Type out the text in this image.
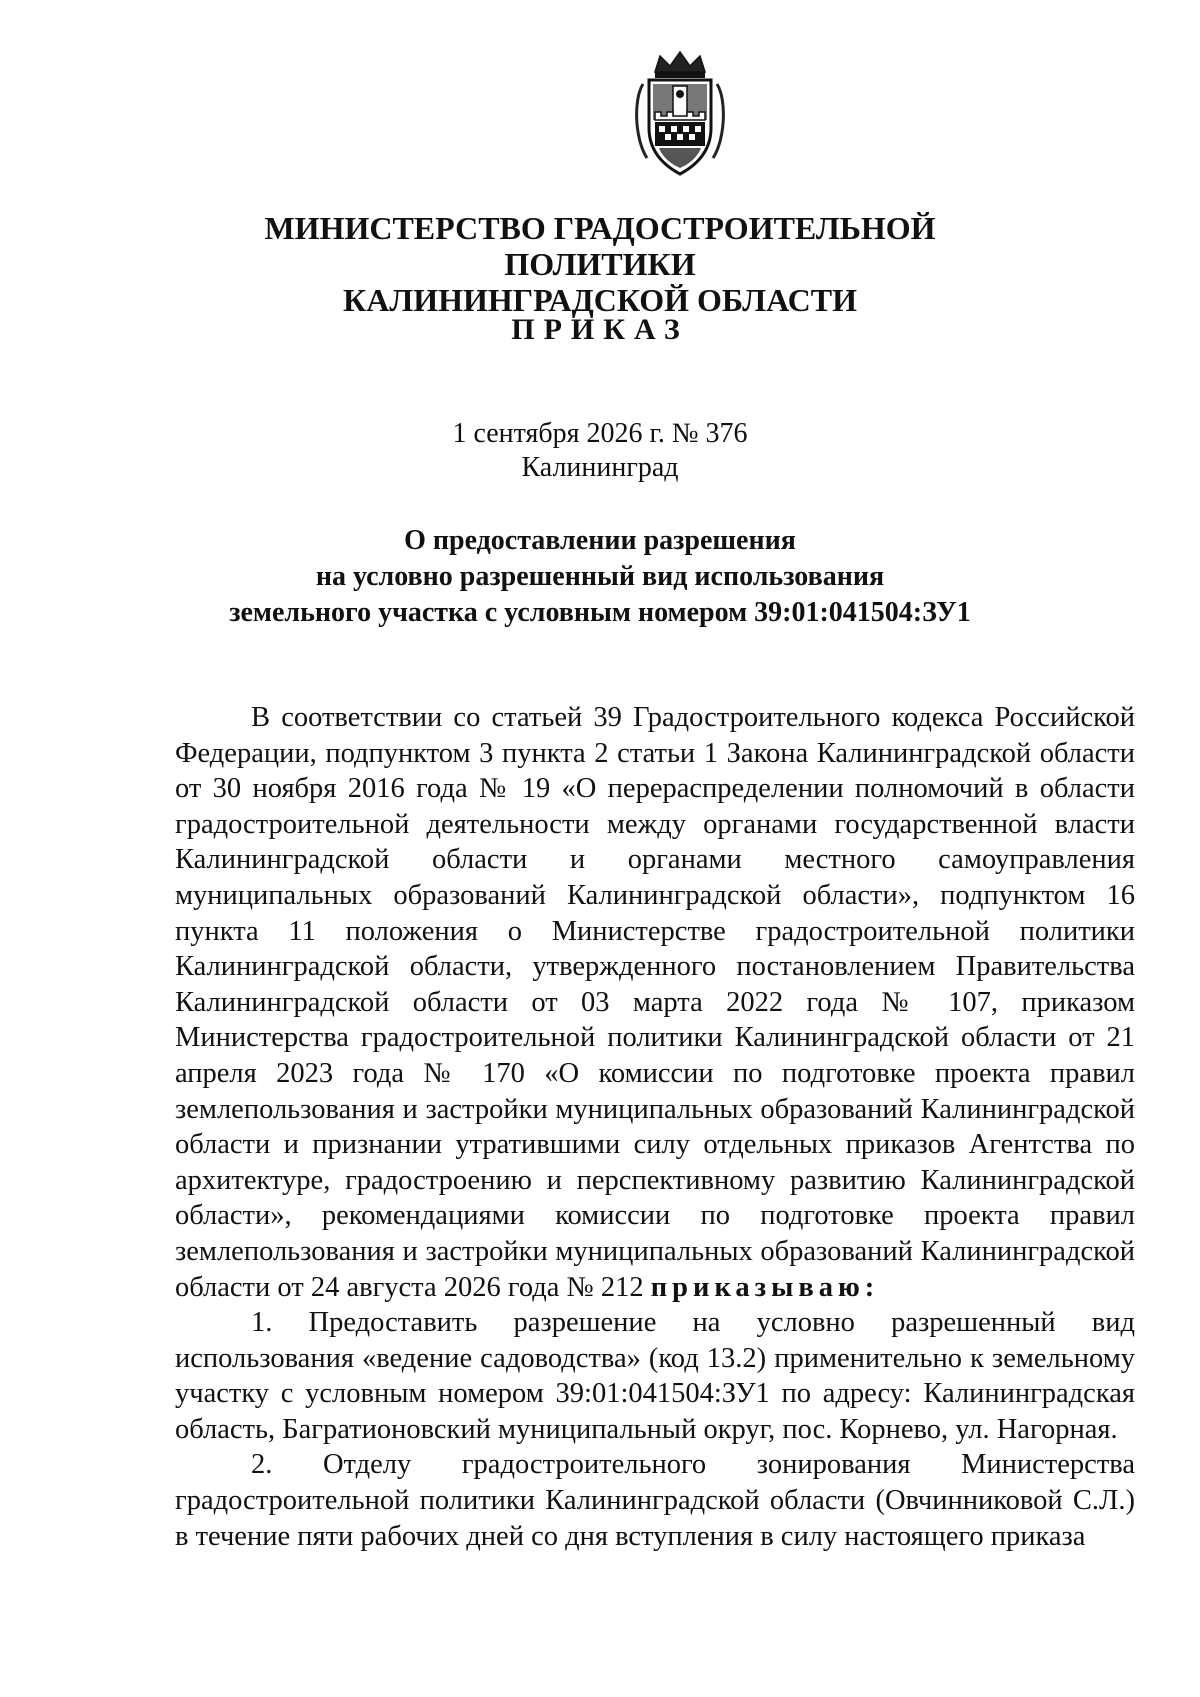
МИНИСТЕРСТВО ГРАДОСТРОИТЕЛЬНОЙ ПОЛИТИКИ
КАЛИНИНГРАДСКОЙ ОБЛАСТИ
ПРИКАЗ
1 сентября 2026 г. № 376
Калининград
О предоставлении разрешения
на условно разрешенный вид использования
земельного участка с условным номером 39:01:041504:ЗУ1

В соответствии со статьей 39 Градостроительного кодекса Российской Федерации, подпунктом 3 пункта 2 статьи 1 Закона Калининградской области от 30 ноября 2016 года № 19 «О перераспределении полномочий в области градостроительной деятельности между органами государственной власти Калининградской области и органами местного самоуправления муниципальных образований Калининградской области», подпунктом 16 пункта 11 положения о Министерстве градостроительной политики Калининградской области, утвержденного постановлением Правительства Калининградской области от 03 марта 2022 года № 107, приказом Министерства градостроительной политики Калининградской области от 21 апреля 2023 года № 170 «О комиссии по подготовке проекта правил землепользования и застройки муниципальных образований Калининградской области и признании утратившими силу отдельных приказов Агентства по архитектуре, градостроению и перспективному развитию Калининградской области», рекомендациями комиссии по подготовке проекта правил землепользования и застройки муниципальных образований Калининградской области от 24 августа 2026 года № 212 приказываю:

1. Предоставить разрешение на условно разрешенный вид использования «ведение садоводства» (код 13.2) применительно к земельному участку с условным номером 39:01:041504:ЗУ1 по адресу: Калининградская область, Багратионовский муниципальный округ, пос. Корнево, ул. Нагорная.

2. Отделу градостроительного зонирования Министерства градостроительной политики Калининградской области (Овчинниковой С.Л.) в течение пяти рабочих дней со дня вступления в силу настоящего приказа
